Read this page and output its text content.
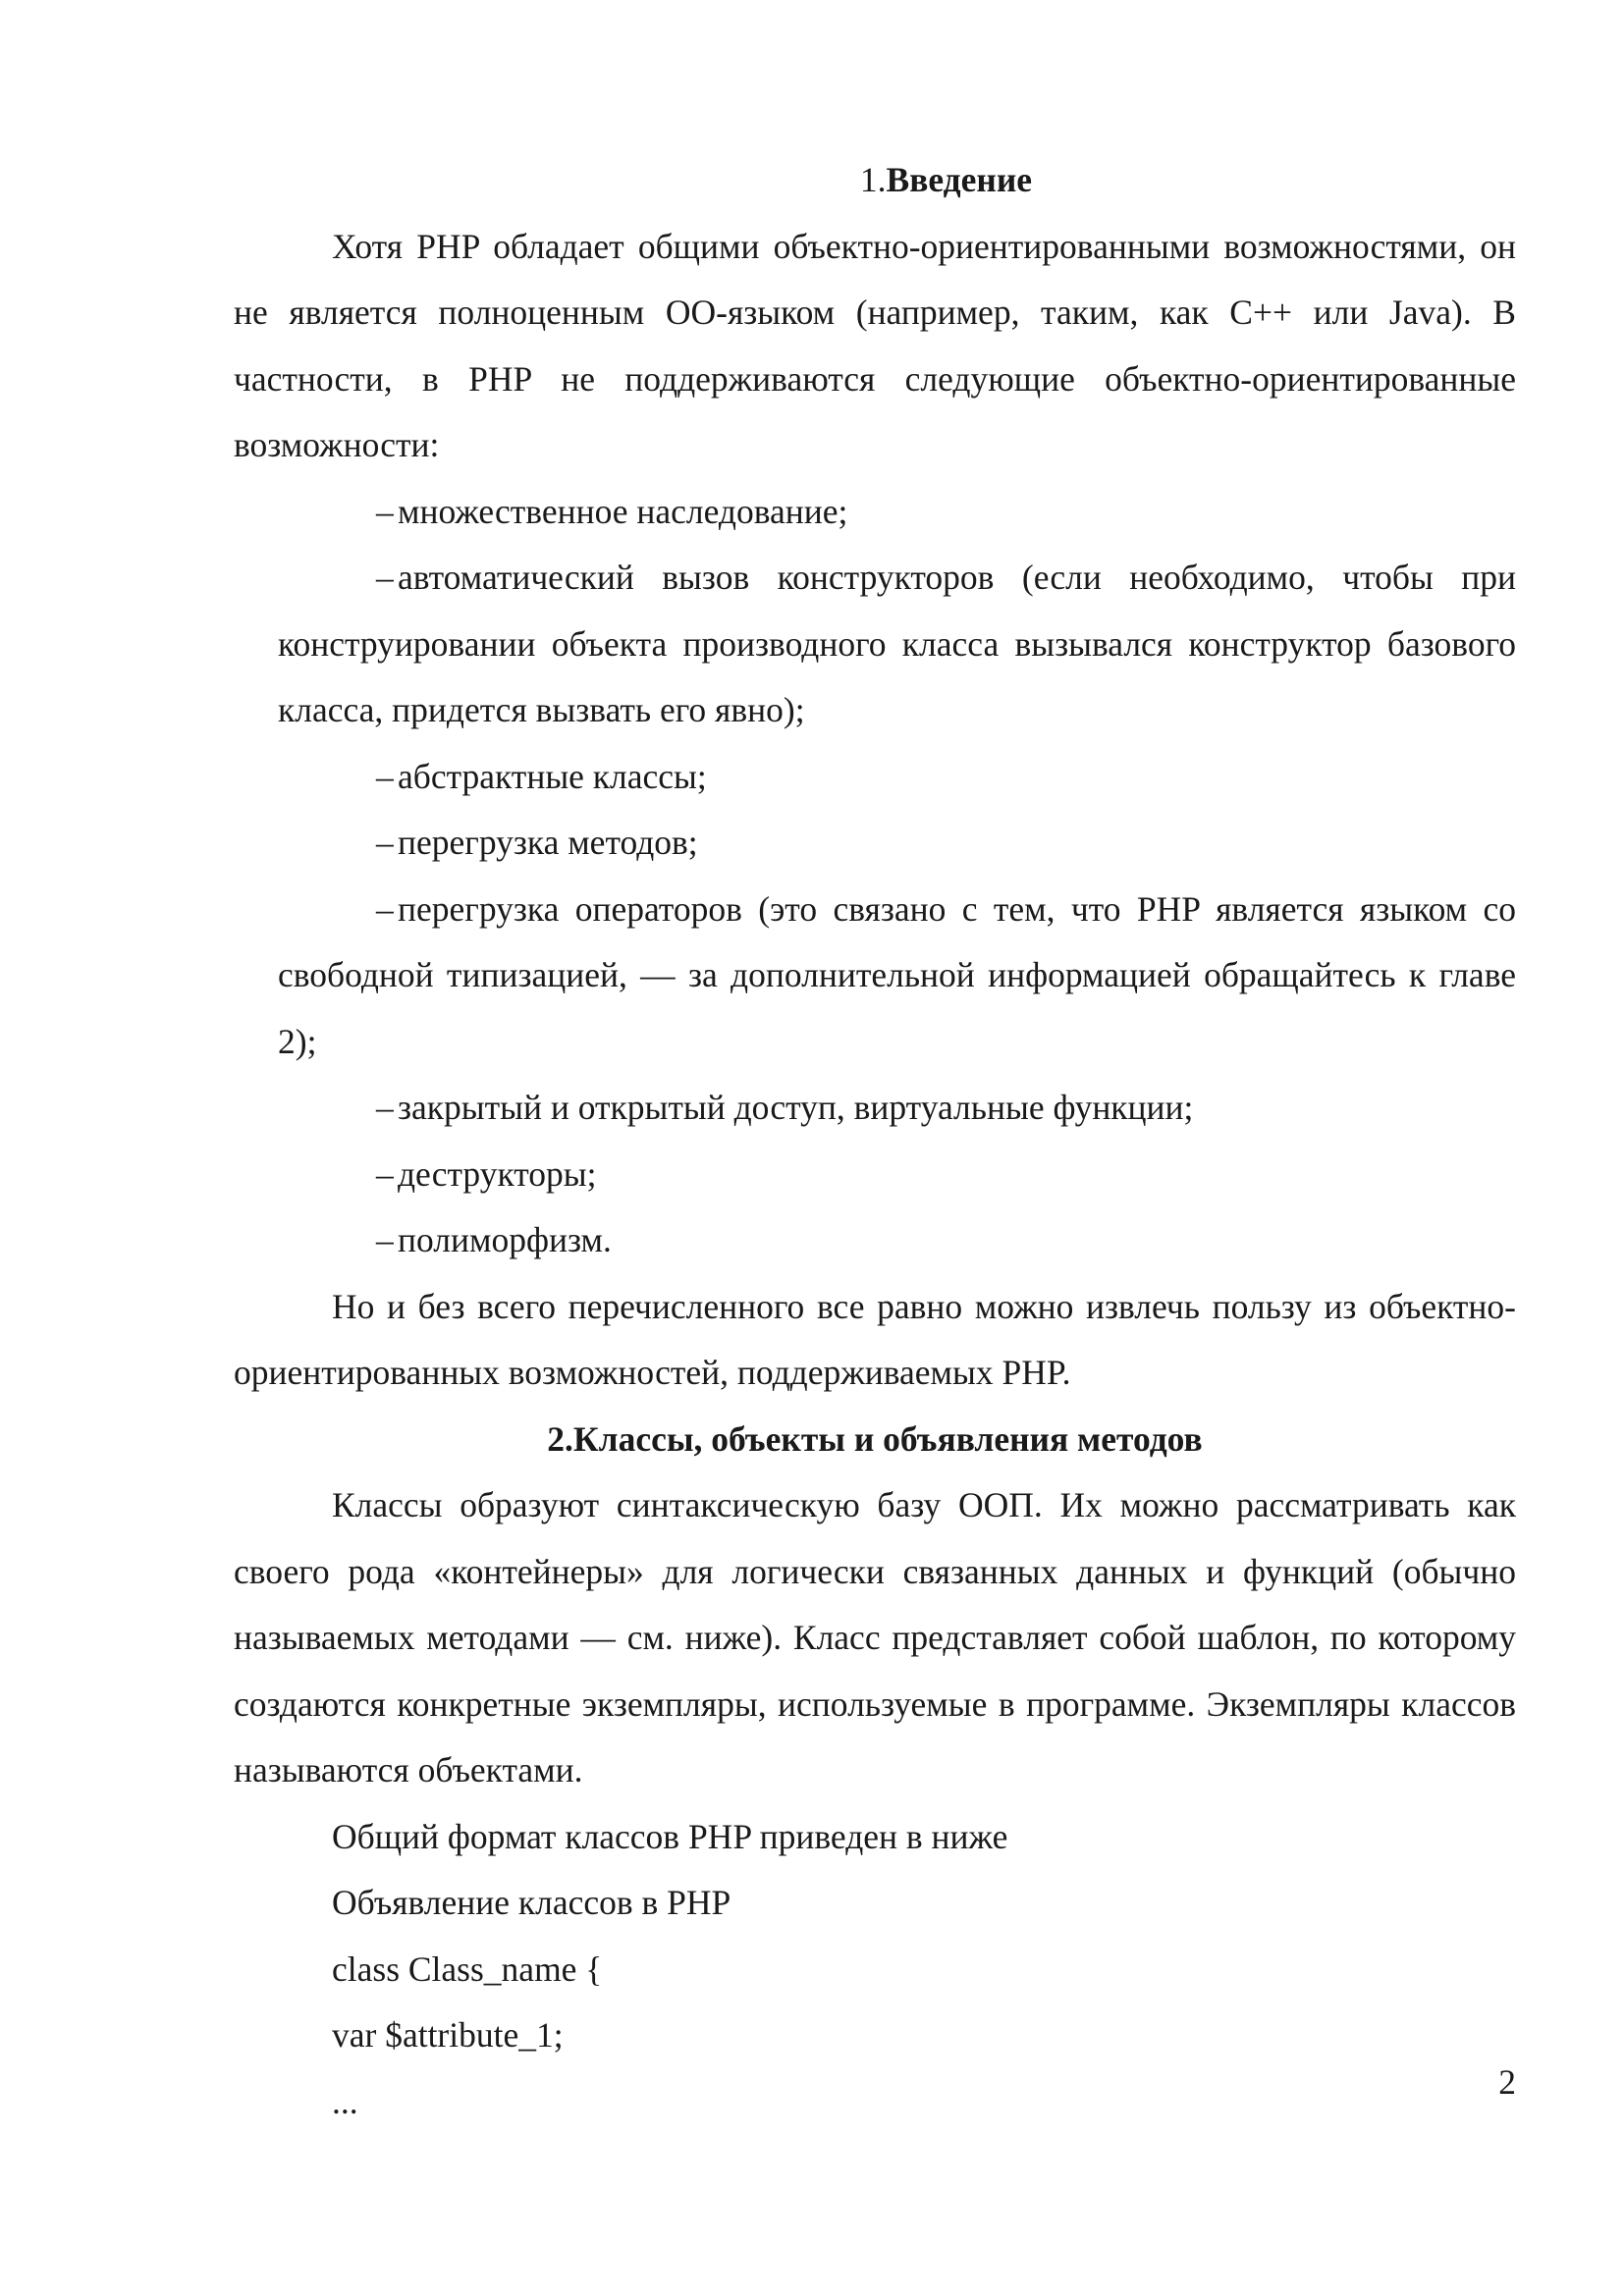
1.Введение

Хотя PHP обладает общими объектно-ориентированными возможностями, он не является полноценным ОО-языком (например, таким, как С++ или Java). В частности, в PHP не поддерживаются следующие объектно-ориентированные возможности:

– множественное наследование;

– автоматический вызов конструкторов (если необходимо, чтобы при конструировании объекта производного класса вызывался конструктор базового класса, придется вызвать его явно);

– абстрактные классы;

– перегрузка методов;

– перегрузка операторов (это связано с тем, что PHP является языком со свободной типизацией, — за дополнительной информацией обращайтесь к главе 2);

– закрытый и открытый доступ, виртуальные функции;

– деструкторы;

– полиморфизм.

Но и без всего перечисленного все равно можно извлечь пользу из объектно-ориентированных возможностей, поддерживаемых PHP.

2.Классы, объекты и объявления методов

Классы образуют синтаксическую базу ООП. Их можно рассматривать как своего рода «контейнеры» для логически связанных данных и функций (обычно называемых методами — см. ниже). Класс представляет собой шаблон, по которому создаются конкретные экземпляры, используемые в программе. Экземпляры классов называются объектами.

Общий формат классов PHP приведен в ниже

Объявление классов в PHP

class Class_name {

var $attribute_1;

...	2
